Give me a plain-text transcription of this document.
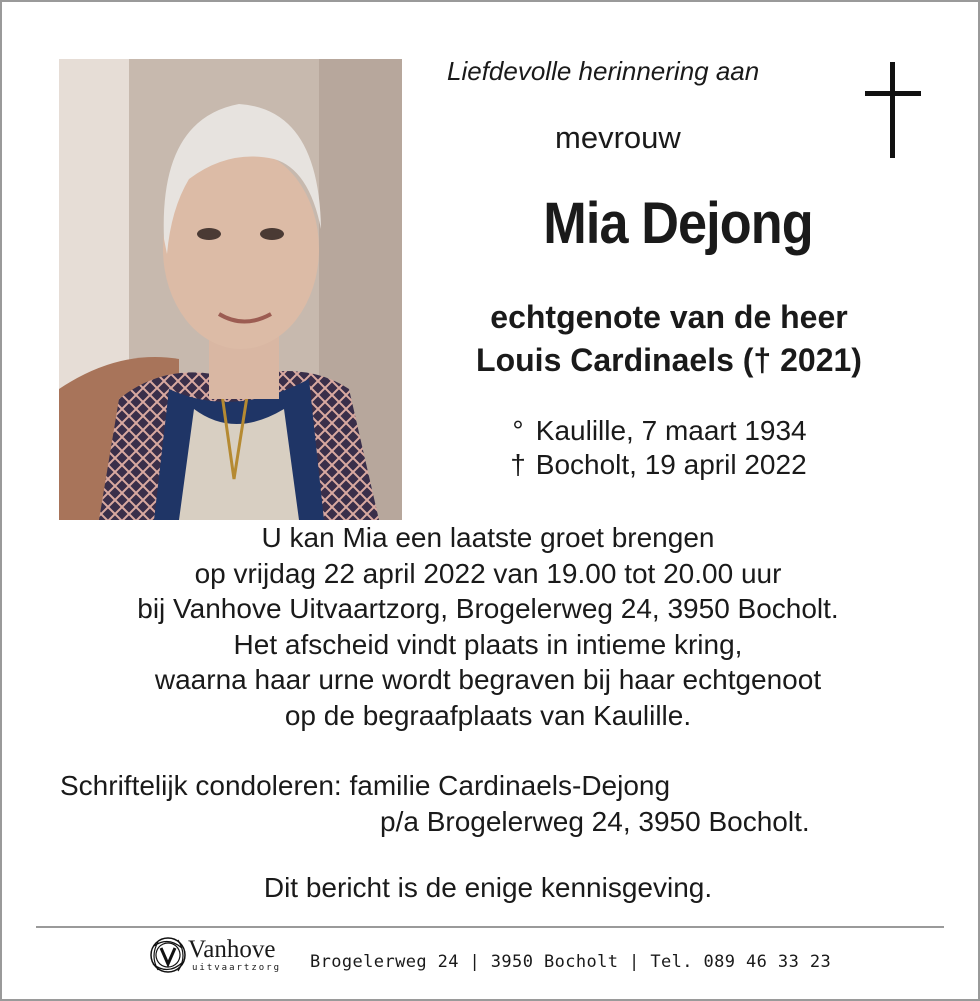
Liefdevolle herinnering aan
mevrouw
Mia Dejong
echtgenote van de heer
Louis Cardinaels († 2021)
° Kaulille, 7 maart 1934
† Bocholt, 19 april 2022
U kan Mia een laatste groet brengen
op vrijdag 22 april 2022 van 19.00 tot 20.00 uur
bij Vanhove Uitvaartzorg, Brogelerweg 24, 3950 Bocholt.
Het afscheid vindt plaats in intieme kring,
waarna haar urne wordt begraven bij haar echtgenoot
op de begraafplaats van Kaulille.
Schriftelijk condoleren: familie Cardinaels-Dejong
p/a Brogelerweg 24, 3950 Bocholt.
Dit bericht is de enige kennisgeving.
Vanhove
uitvaartzorg Brogelerweg 24 | 3950 Bocholt | Tel. 089 46 33 23
